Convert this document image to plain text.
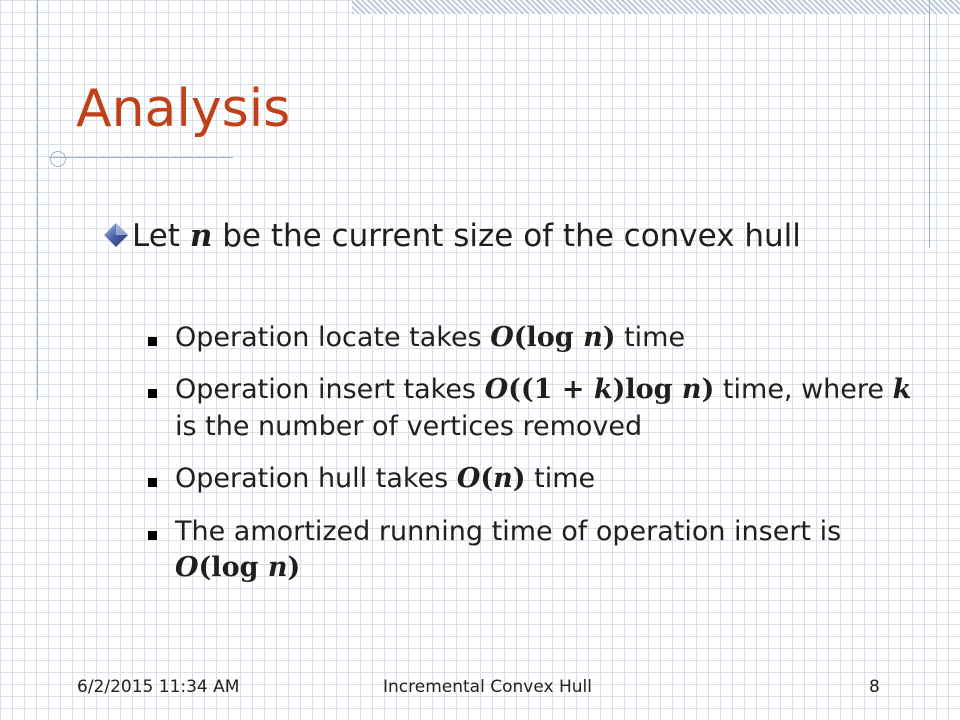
Analysis
Let n be the current size of the convex hull
Operation locate takes O(log n) time
Operation insert takes O((1 + k)log n) time, where k is the number of vertices removed
Operation hull takes O(n) time
The amortized running time of operation insert is O(log n)
6/2/2015 11:34 AM	Incremental Convex Hull	8
